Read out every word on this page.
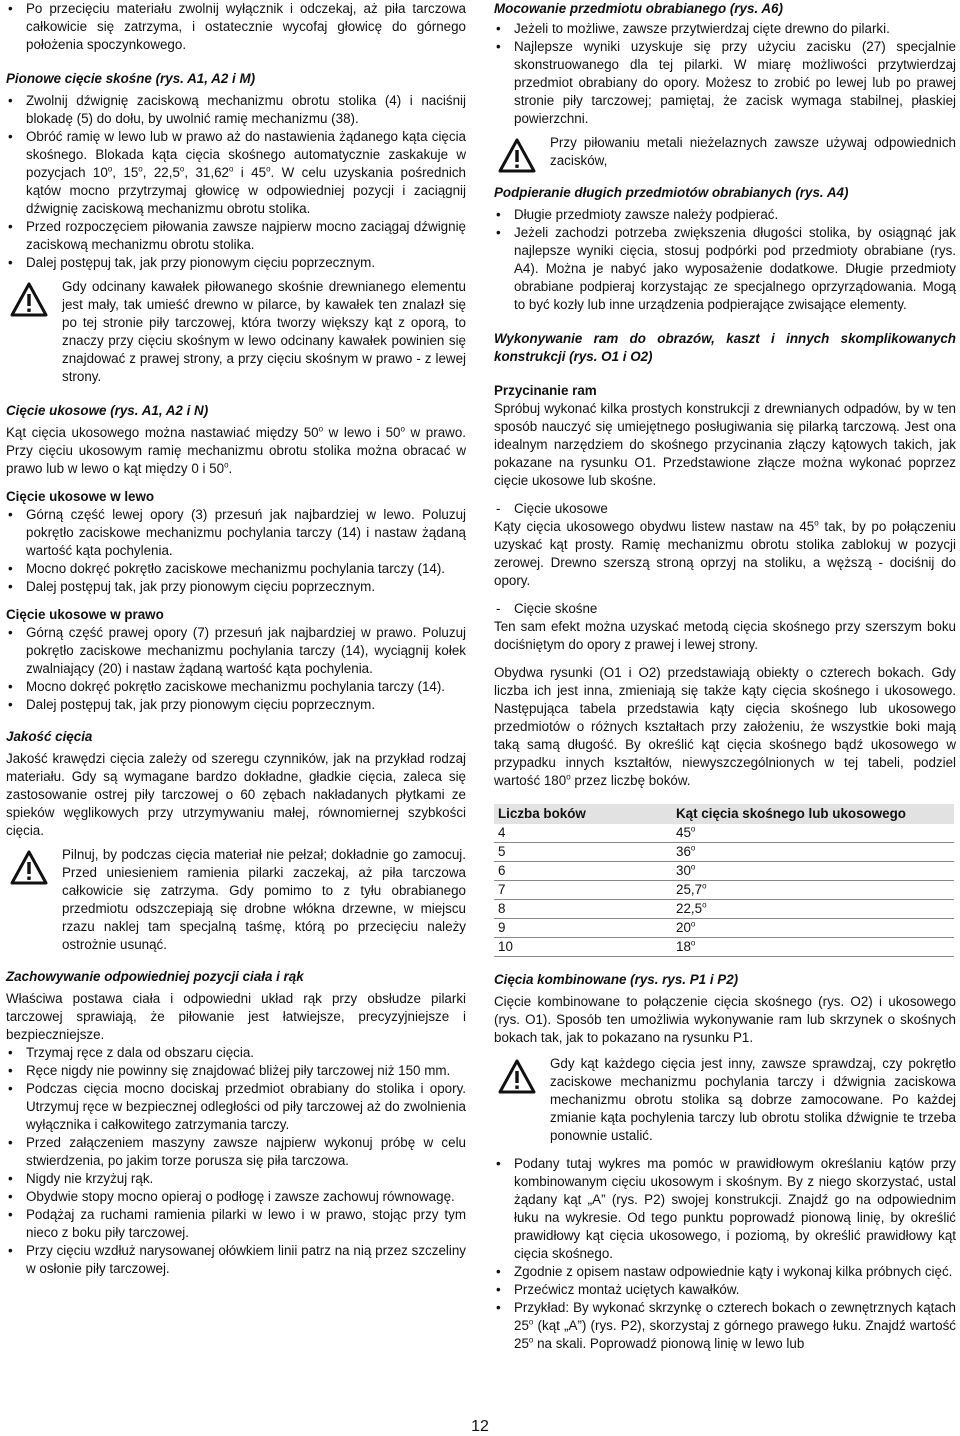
• Po przecięciu materiału zwolnij wyłącznik i odczekaj, aż piła tarczowa całkowicie się zatrzyma, i ostatecznie wycofaj głowicę do górnego położenia spoczynkowego.

Pionowe cięcie skośne (rys. A1, A2 i M)

• Zwolnij dźwignię zaciskową mechanizmu obrotu stolika (4) i naciśnij blokadę (5) do dołu, by uwolnić ramię mechanizmu (38).

• Obróć ramię w lewo lub w prawo aż do nastawienia żądanego kąta cięcia skośnego. Blokada kąta cięcia skośnego automatycznie zaskakuje w pozycjach 10$^o$, 15$^o$, 22,5$^o$, 31,62$^o$ i 45$^o$. W celu uzyskania pośrednich kątów mocno przytrzymaj głowicę w odpowiedniej pozycji i zaciągnij dźwignię zaciskową mechanizmu obrotu stolika.

• Przed rozpoczęciem piłowania zawsze najpierw mocno zaciągaj dźwignię zaciskową mechanizmu obrotu stolika.

• Dalej postępuj tak, jak przy pionowym cięciu poprzecznym.

Gdy odcinany kawałek piłowanego skośnie drewnianego elementu jest mały, tak umieść drewno w pilarce, by kawałek ten znalazł się po tej stronie piły tarczowej, która tworzy większy kąt z oporą, to znaczy przy cięciu skośnym w lewo odcinany kawałek powinien się znajdować z prawej strony, a przy cięciu skośnym w prawo - z lewej strony.

Cięcie ukosowe (rys. A1, A2 i N)

Kąt cięcia ukosowego można nastawiać między 50$^o$ w lewo i 50$^o$ w prawo. Przy cięciu ukosowym ramię mechanizmu obrotu stolika można obracać w prawo lub w lewo o kąt między 0 i 50$^o$.

Cięcie ukosowe w lewo

• Górną część lewej opory (3) przesuń jak najbardziej w lewo. Poluzuj pokrętło zaciskowe mechanizmu pochylania tarczy (14) i nastaw żądaną wartość kąta pochylenia.

• Mocno dokręć pokrętło zaciskowe mechanizmu pochylania tarczy (14).

• Dalej postępuj tak, jak przy pionowym cięciu poprzecznym.

Cięcie ukosowe w prawo

• Górną część prawej opory (7) przesuń jak najbardziej w prawo. Poluzuj pokrętło zaciskowe mechanizmu pochylania tarczy (14), wyciągnij kołek zwalniający (20) i nastaw żądaną wartość kąta pochylenia.

• Mocno dokręć pokrętło zaciskowe mechanizmu pochylania tarczy (14).

• Dalej postępuj tak, jak przy pionowym cięciu poprzecznym.

Jakość cięcia

Jakość krawędzi cięcia zależy od szeregu czynników, jak na przykład rodzaj materiału. Gdy są wymagane bardzo dokładne, gładkie cięcia, zaleca się zastosowanie ostrej piły tarczowej o 60 zębach nakładanych płytkami ze spieków węglikowych przy utrzymywaniu małej, równomiernej szybkości cięcia.

Pilnuj, by podczas cięcia materiał nie pełzał; dokładnie go zamocuj. Przed uniesieniem ramienia pilarki zaczekaj, aż piła tarczowa całkowicie się zatrzyma. Gdy pomimo to z tyłu obrabianego przedmiotu odszczepiają się drobne włókna drzewne, w miejscu rzazu naklej tam specjalną taśmę, którą po przecięciu należy ostrożnie usunąć.

Zachowywanie odpowiedniej pozycji ciała i rąk

Właściwa postawa ciała i odpowiedni układ rąk przy obsłudze pilarki tarczowej sprawiają, że piłowanie jest łatwiejsze, precyzyjniejsze i bezpieczniejsze.

• Trzymaj ręce z dala od obszaru cięcia.

• Ręce nigdy nie powinny się znajdować bliżej piły tarczowej niż 150 mm.

• Podczas cięcia mocno dociskaj przedmiot obrabiany do stolika i opory. Utrzymuj ręce w bezpiecznej odległości od piły tarczowej aż do zwolnienia wyłącznika i całkowitego zatrzymania tarczy.

• Przed załączeniem maszyny zawsze najpierw wykonuj próbę w celu stwierdzenia, po jakim torze porusza się piła tarczowa.

• Nigdy nie krzyżuj rąk.

• Obydwie stopy mocno opieraj o podłogę i zawsze zachowuj równowagę.

• Podążaj za ruchami ramienia pilarki w lewo i w prawo, stojąc przy tym nieco z boku piły tarczowej.

• Przy cięciu wzdłuż narysowanej ołówkiem linii patrz na nią przez szczeliny w osłonie piły tarczowej.

Mocowanie przedmiotu obrabianego (rys. A6)

• Jeżeli to możliwe, zawsze przytwierdzaj cięte drewno do pilarki.

• Najlepsze wyniki uzyskuje się przy użyciu zacisku (27) specjalnie skonstruowanego dla tej pilarki. W miarę możliwości przytwierdzaj przedmiot obrabiany do opory. Możesz to zrobić po lewej lub po prawej stronie piły tarczowej; pamiętaj, że zacisk wymaga stabilnej, płaskiej powierzchni.

Przy piłowaniu metali nieżelaznych zawsze używaj odpowiednich zacisków,

Podpieranie długich przedmiotów obrabianych (rys. A4)

• Długie przedmioty zawsze należy podpierać.

• Jeżeli zachodzi potrzeba zwiększenia długości stolika, by osiągnąć jak najlepsze wyniki cięcia, stosuj podpórki pod przedmioty obrabiane (rys. A4). Można je nabyć jako wyposażenie dodatkowe. Długie przedmioty obrabiane podpieraj korzystając ze specjalnego oprzyrządowania. Mogą to być kozły lub inne urządzenia podpierające zwisające elementy.

Wykonywanie ram do obrazów, kaszt i innych skomplikowanych konstrukcji (rys. O1 i O2)

Przycinanie ram

Spróbuj wykonać kilka prostych konstrukcji z drewnianych odpadów, by w ten sposób nauczyć się umiejętnego posługiwania się pilarką tarczową. Jest ona idealnym narzędziem do skośnego przycinania złączy kątowych takich, jak pokazane na rysunku O1. Przedstawione złącze można wykonać poprzez cięcie ukosowe lub skośne.

- Cięcie ukosowe

Kąty cięcia ukosowego obydwu listew nastaw na 45$^o$ tak, by po połączeniu uzyskać kąt prosty. Ramię mechanizmu obrotu stolika zablokuj w pozycji zerowej. Drewno szerszą stroną oprzyj na stoliku, a węższą - dociśnij do opory.

- Cięcie skośne

Ten sam efekt można uzyskać metodą cięcia skośnego przy szerszym boku dociśniętym do opory z prawej i lewej strony.

Obydwa rysunki (O1 i O2) przedstawiają obiekty o czterech bokach. Gdy liczba ich jest inna, zmieniają się także kąty cięcia skośnego i ukosowego. Następująca tabela przedstawia kąty cięcia skośnego lub ukosowego przedmiotów o różnych kształtach przy założeniu, że wszystkie boki mają taką samą długość. By określić kąt cięcia skośnego bądź ukosowego w przypadku innych kształtów, niewyszczególnionych w tej tabeli, podziel wartość 180$^o$ przez liczbę boków.

Liczba boków	Kąt cięcia skośnego lub ukosowego
4	45$^o$
5	36$^o$
6	30$^o$
7	25,7$^o$
8	22,5$^o$
9	20$^o$
10	18$^o$

Cięcia kombinowane (rys. rys. P1 i P2)

Cięcie kombinowane to połączenie cięcia skośnego (rys. O2) i ukosowego (rys. O1). Sposób ten umożliwia wykonywanie ram lub skrzynek o skośnych bokach tak, jak to pokazano na rysunku P1.

Gdy kąt każdego cięcia jest inny, zawsze sprawdzaj, czy pokrętło zaciskowe mechanizmu pochylania tarczy i dźwignia zaciskowa mechanizmu obrotu stolika są dobrze zamocowane. Po każdej zmianie kąta pochylenia tarczy lub obrotu stolika dźwignie te trzeba ponownie ustalić.

• Podany tutaj wykres ma pomóc w prawidłowym określaniu kątów przy kombinowanym cięciu ukosowym i skośnym. By z niego skorzystać, ustal żądany kąt „A” (rys. P2) swojej konstrukcji. Znajdź go na odpowiednim łuku na wykresie. Od tego punktu poprowadź pionową linię, by określić prawidłowy kąt cięcia ukosowego, i poziomą, by określić prawidłowy kąt cięcia skośnego.

• Zgodnie z opisem nastaw odpowiednie kąty i wykonaj kilka próbnych cięć.

• Przećwicz montaż uciętych kawałków.

• Przykład: By wykonać skrzynkę o czterech bokach o zewnętrznych kątach 25$^o$ (kąt „A”) (rys. P2), skorzystaj z górnego prawego łuku. Znajdź wartość 25$^o$ na skali. Poprowadź pionową linię w lewo lub

12
